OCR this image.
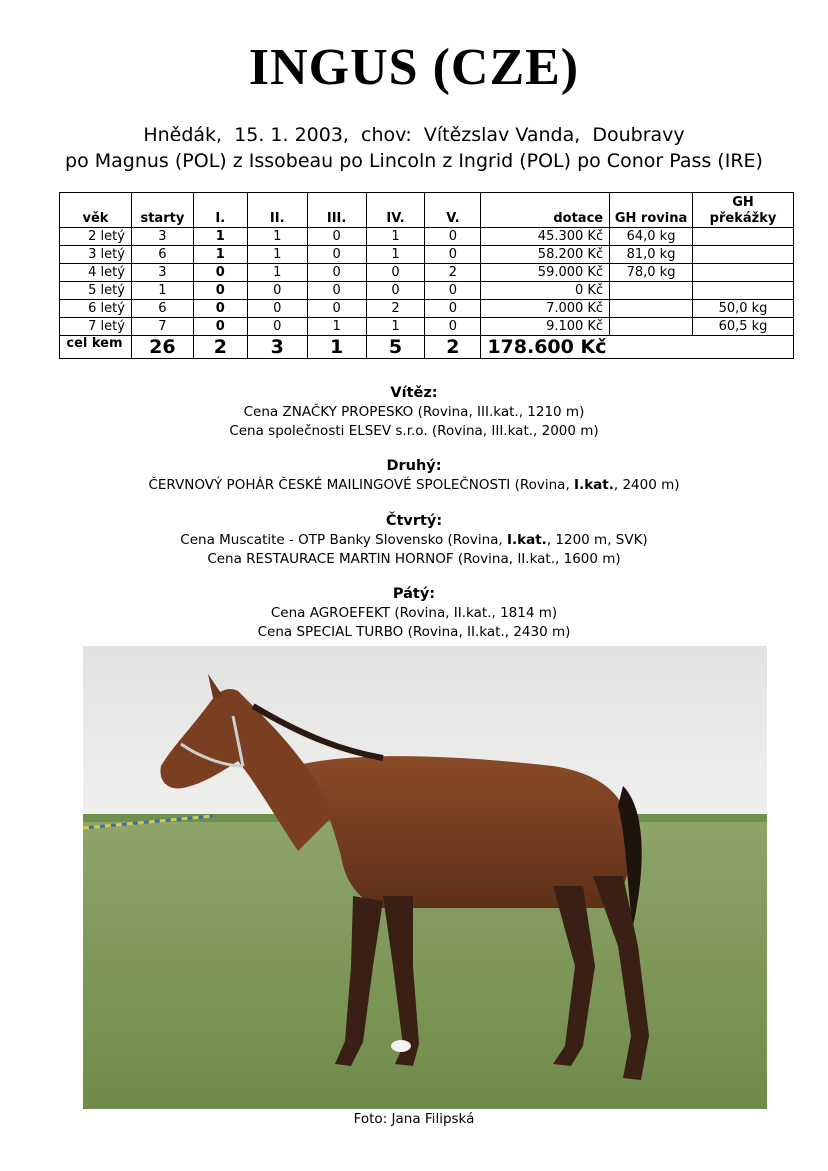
INGUS (CZE)
Hnědák,  15. 1. 2003,  chov:  Vítězslav Vanda,  Doubravy
po Magnus (POL) z Issobeau po Lincoln z Ingrid (POL) po Conor Pass (IRE)
věk	starty	I.	II.	III.	IV.	V.	dotace	GH rovina	GH překážky
2 letý	3	1	1	0	1	0	45.300 Kč	64,0 kg	
3 letý	6	1	1	0	1	0	58.200 Kč	81,0 kg	
4 letý	3	0	1	0	0	2	59.000 Kč	78,0 kg	
5 letý	1	0	0	0	0	0	0 Kč		
6 letý	6	0	0	0	2	0	7.000 Kč		50,0 kg
7 letý	7	0	0	1	1	0	9.100 Kč		60,5 kg
cel kem	26	2	3	1	5	2	178.600 Kč		
Vítěz:
Cena ZNAČKY PROPESKO (Rovina, III.kat., 1210 m)
Cena společnosti ELSEV s.r.o. (Rovina, III.kat., 2000 m)
Druhý:
ČERVNOVÝ POHÁR ČESKÉ MAILINGOVÉ SPOLEČNOSTI (Rovina, I.kat., 2400 m)
Čtvrtý:
Cena Muscatite - OTP Banky Slovensko (Rovina, I.kat., 1200 m, SVK)
Cena RESTAURACE MARTIN HORNOF (Rovina, II.kat., 1600 m)
Pátý:
Cena AGROEFEKT (Rovina, II.kat., 1814 m)
Cena SPECIAL TURBO (Rovina, II.kat., 2430 m)
Foto: Jana Filipská
